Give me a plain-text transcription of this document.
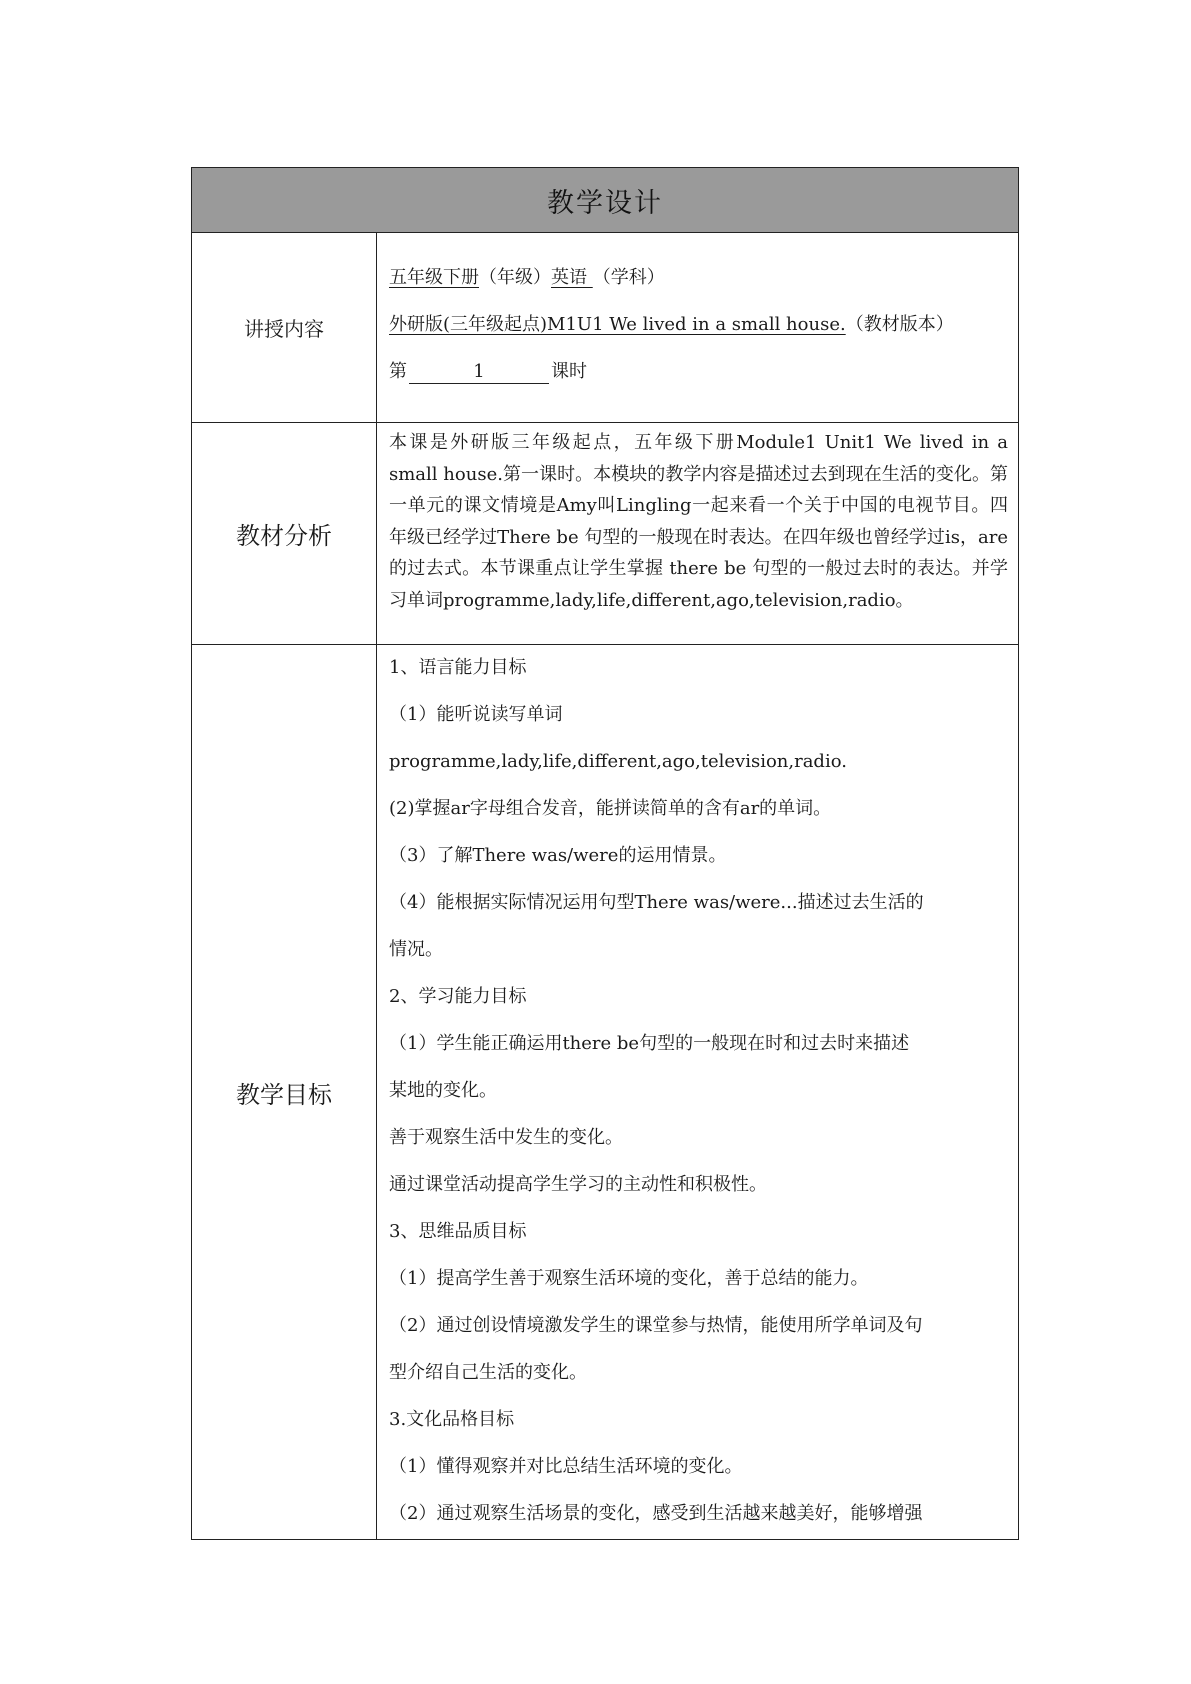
教学设计
讲授内容
五年级下册（年级）英语 （学科）
外研版(三年级起点)M1U1 We lived in a small house.（教材版本）
第	1	课时
教材分析

本课是外研版三年级起点，五年级下册Module1 Unit1 We lived in a small house.第一课时。本模块的教学内容是描述过去到现在生活的变化。第一单元的课文情境是Amy叫Lingling一起来看一个关于中国的电视节目。四年级已经学过There be 句型的一般现在时表达。在四年级也曾经学过is，are的过去式。本节课重点让学生掌握 there be 句型的一般过去时的表达。并学习单词programme,lady,life,different,ago,television,radio。

教学目标
1、语言能力目标
（1）能听说读写单词
programme,lady,life,different,ago,television,radio.
(2)掌握ar字母组合发音，能拼读简单的含有ar的单词。
（3）了解There was/were的运用情景。
（4）能根据实际情况运用句型There was/were...描述过去生活的
情况。
2、学习能力目标
（1）学生能正确运用there be句型的一般现在时和过去时来描述
某地的变化。
善于观察生活中发生的变化。
通过课堂活动提高学生学习的主动性和积极性。
3、思维品质目标
（1）提高学生善于观察生活环境的变化，善于总结的能力。
（2）通过创设情境激发学生的课堂参与热情，能使用所学单词及句
型介绍自己生活的变化。
3.文化品格目标
（1）懂得观察并对比总结生活环境的变化。
（2）通过观察生活场景的变化，感受到生活越来越美好，能够增强
